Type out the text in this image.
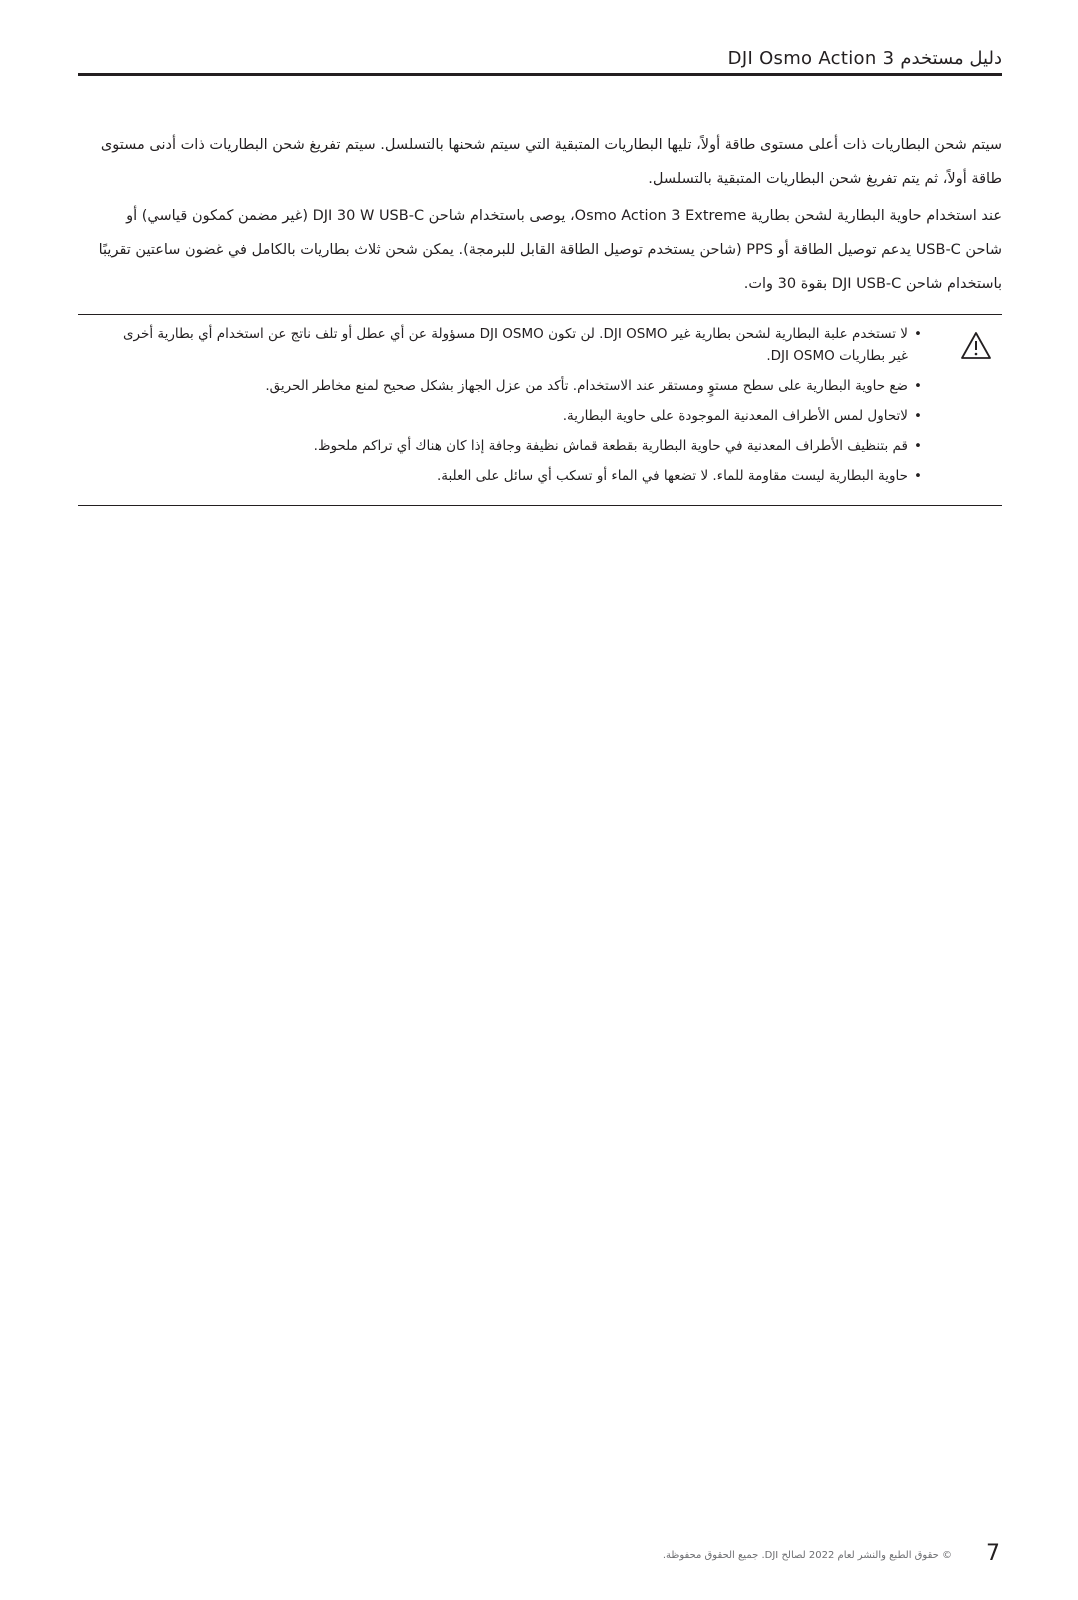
DJI Osmo Action 3 دليل مستخدم

سيتم شحن البطاريات ذات أعلى مستوى طاقة أولاً، تليها البطاريات المتبقية التي سيتم شحنها بالتسلسل. سيتم تفريغ شحن البطاريات ذات أدنى مستوى طاقة أولاً، ثم يتم تفريغ شحن البطاريات المتبقية بالتسلسل.

عند استخدام حاوية البطارية لشحن بطارية Osmo Action 3 Extreme، يوصى باستخدام شاحن DJI 30 W USB-C (غير مضمن كمكون قياسي) أو شاحن USB-C يدعم توصيل الطاقة أو PPS (شاحن يستخدم توصيل الطاقة القابل للبرمجة). يمكن شحن ثلاث بطاريات بالكامل في غضون ساعتين تقريبًا باستخدام شاحن DJI USB-C بقوة 30 وات.

• لا تستخدم علبة البطارية لشحن بطارية غير DJI OSMO. لن تكون DJI OSMO مسؤولة عن أي عطل أو تلف ناتج عن استخدام أي بطارية أخرى غير بطاريات DJI OSMO.
• ضع حاوية البطارية على سطح مستوٍ ومستقر عند الاستخدام. تأكد من عزل الجهاز بشكل صحيح لمنع مخاطر الحريق.
• لاتحاول لمس الأطراف المعدنية الموجودة على حاوية البطارية.
• قم بتنظيف الأطراف المعدنية في حاوية البطارية بقطعة قماش نظيفة وجافة إذا كان هناك أي تراكم ملحوظ.
• حاوية البطارية ليست مقاومة للماء. لا تضعها في الماء أو تسكب أي سائل على العلبة.
7
© حقوق الطبع والنشر لعام 2022 لصالح DJI. جميع الحقوق محفوظة.
